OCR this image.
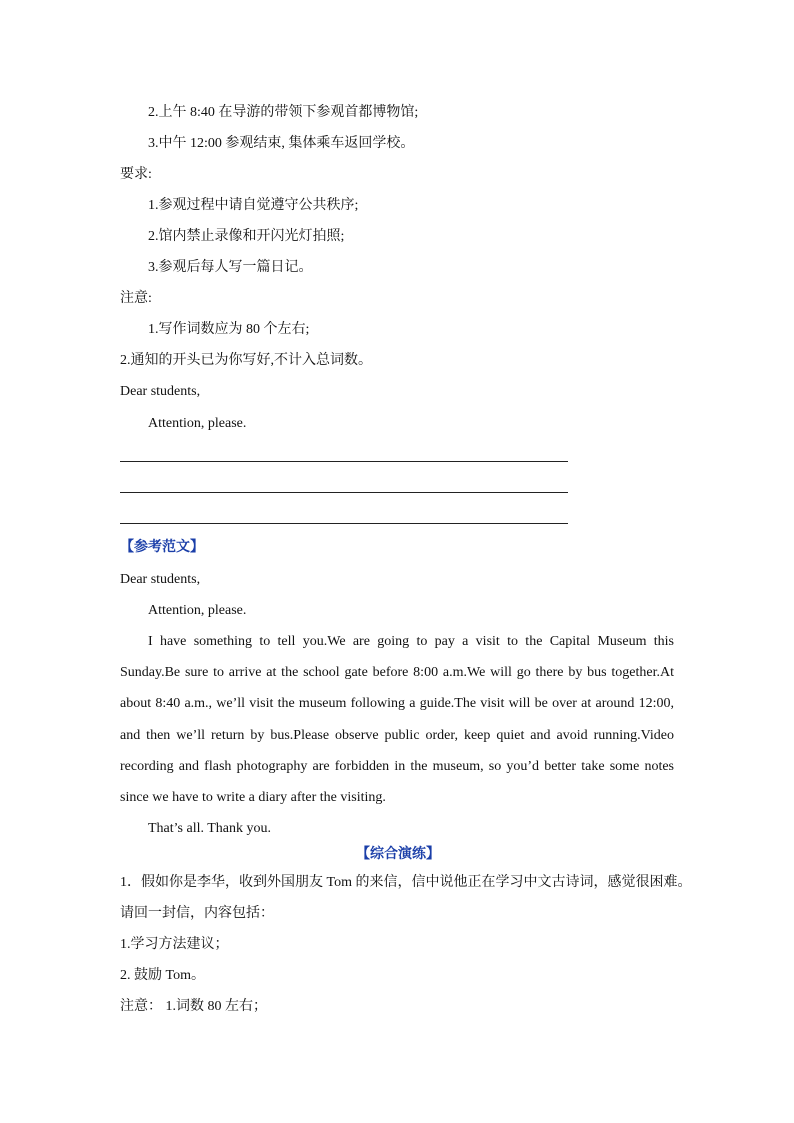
2.上午 8:40 在导游的带领下参观首都博物馆;
3.中午 12:00 参观结束, 集体乘车返回学校。
要求:
1.参观过程中请自觉遵守公共秩序;
2.馆内禁止录像和开闪光灯拍照;
3.参观后每人写一篇日记。
注意:
1.写作词数应为 80 个左右;
2.通知的开头已为你写好,不计入总词数。
Dear students,
Attention, please.
【参考范文】
Dear students,
Attention, please.
I have something to tell you.We are going to pay a visit to the Capital Museum this Sunday.Be sure to arrive at the school gate before 8:00 a.m.We will go there by bus together.At about 8:40 a.m., we’ll visit the museum following a guide.The visit will be over at around 12:00, and then we’ll return by bus.Please observe public order, keep quiet and avoid running.Video recording and flash photography are forbidden in the museum, so you’d better take some notes since we have to write a diary after the visiting.
That’s all. Thank you.
【综合演练】
1．假如你是李华，收到外国朋友 Tom 的来信，信中说他正在学习中文古诗词，感觉很困难。
请回一封信，内容包括：
1.学习方法建议；
2. 鼓励 Tom。
注意： 1.词数 80 左右；
